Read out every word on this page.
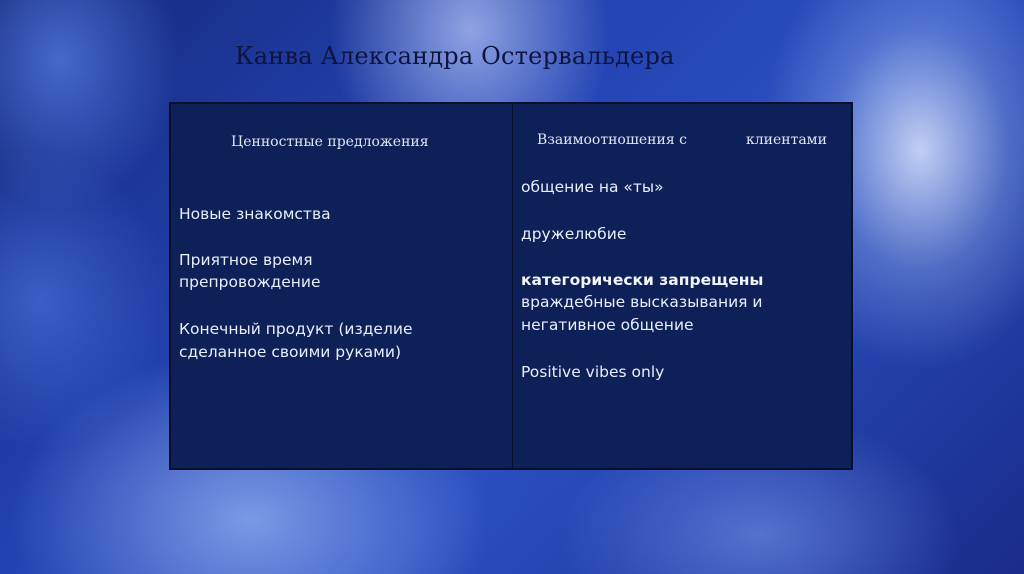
Канва Александра Остервальдера
Ценностные предложения
Новые знакомства
Приятное время
препровождение
Конечный продукт (изделие
сделанное своими руками)
Взаимоотношения с	клиентами
общение на «ты»
дружелюбие
категорически запрещены
враждебные высказывания и
негативное общение
Positive vibes only
